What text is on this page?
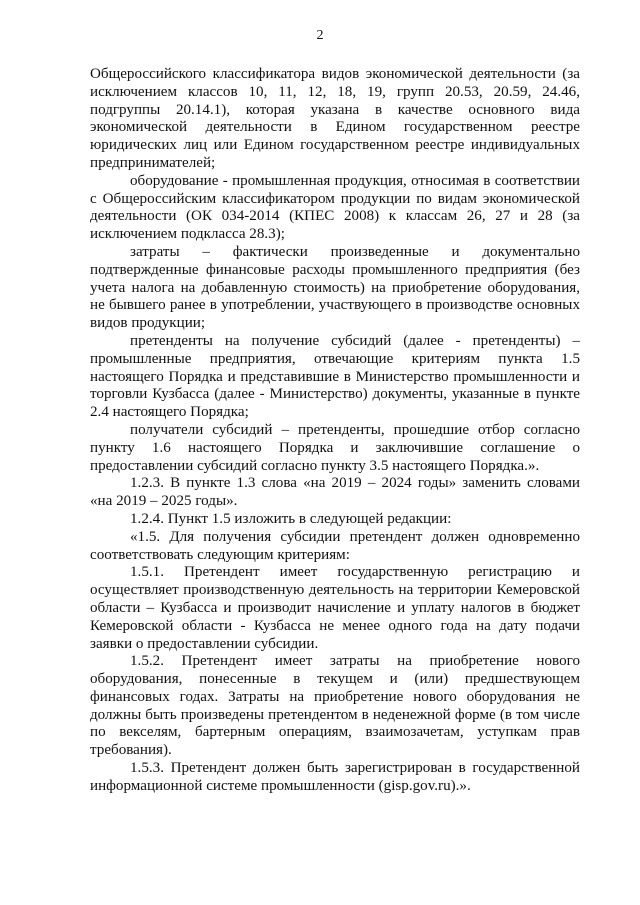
2

Общероссийского классификатора видов экономической деятельности (за исключением классов 10, 11, 12, 18, 19, групп 20.53, 20.59, 24.46, подгруппы 20.14.1), которая указана в качестве основного вида экономической деятельности в Едином государственном реестре юридических лиц или Едином государственном реестре индивидуальных предпринимателей;

оборудование - промышленная продукция, относимая в соответствии с Общероссийским классификатором продукции по видам экономической деятельности (ОК 034-2014 (КПЕС 2008) к классам 26, 27 и 28 (за исключением подкласса 28.3);

затраты – фактически произведенные и документально подтвержденные финансовые расходы промышленного предприятия (без учета налога на добавленную стоимость) на приобретение оборудования, не бывшего ранее в употреблении, участвующего в производстве основных видов продукции;

претенденты на получение субсидий (далее - претенденты) – промышленные предприятия, отвечающие критериям пункта 1.5 настоящего Порядка и представившие в Министерство промышленности и торговли Кузбасса (далее - Министерство) документы, указанные в пункте 2.4 настоящего Порядка;

получатели субсидий – претенденты, прошедшие отбор согласно пункту 1.6 настоящего Порядка и заключившие соглашение о предоставлении субсидий согласно пункту 3.5 настоящего Порядка.».

1.2.3. В пункте 1.3 слова «на 2019 – 2024 годы» заменить словами «на 2019 – 2025 годы».

1.2.4. Пункт 1.5 изложить в следующей редакции:

«1.5. Для получения субсидии претендент должен одновременно соответствовать следующим критериям:

1.5.1. Претендент имеет государственную регистрацию и осуществляет производственную деятельность на территории Кемеровской области – Кузбасса и производит начисление и уплату налогов в бюджет Кемеровской области - Кузбасса не менее одного года на дату подачи заявки о предоставлении субсидии.

1.5.2. Претендент имеет затраты на приобретение нового оборудования, понесенные в текущем и (или) предшествующем финансовых годах. Затраты на приобретение нового оборудования не должны быть произведены претендентом в неденежной форме (в том числе по векселям, бартерным операциям, взаимозачетам, уступкам прав требования).

1.5.3. Претендент должен быть зарегистрирован в государственной информационной системе промышленности (gisp.gov.ru).».
